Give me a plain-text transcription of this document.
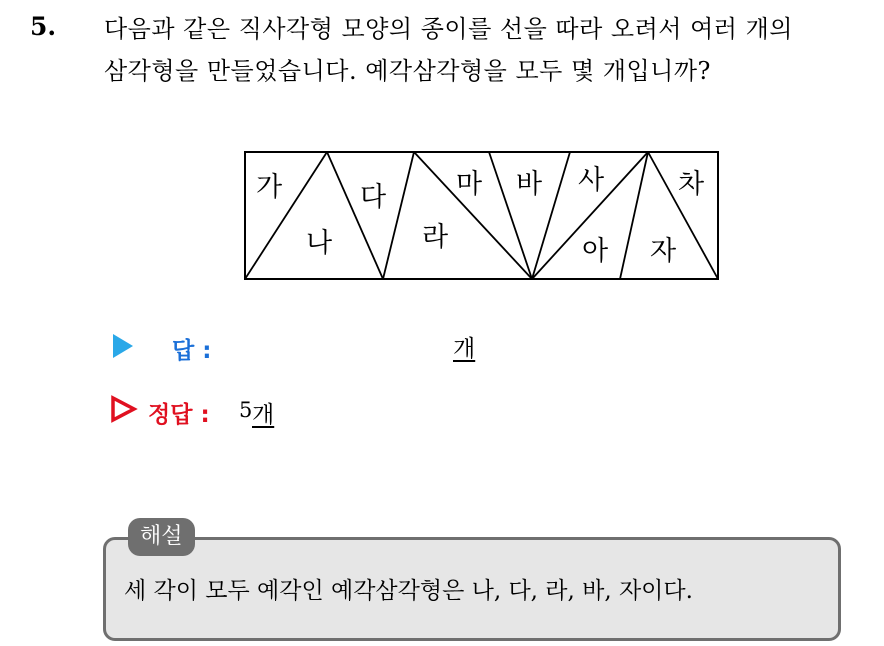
5. 다음과 같은 직사각형 모양의 종이를 선을 따라 오려서 여러 개의
삼각형을 만들었습니다. 예각삼각형을 모두 몇 개입니까?
가
나
다
라
마 바 사
아 자
차
답 :	개
정답 : 5 개
해설
세 각이 모두 예각인 예각삼각형은 나, 다, 라, 바, 자이다.
